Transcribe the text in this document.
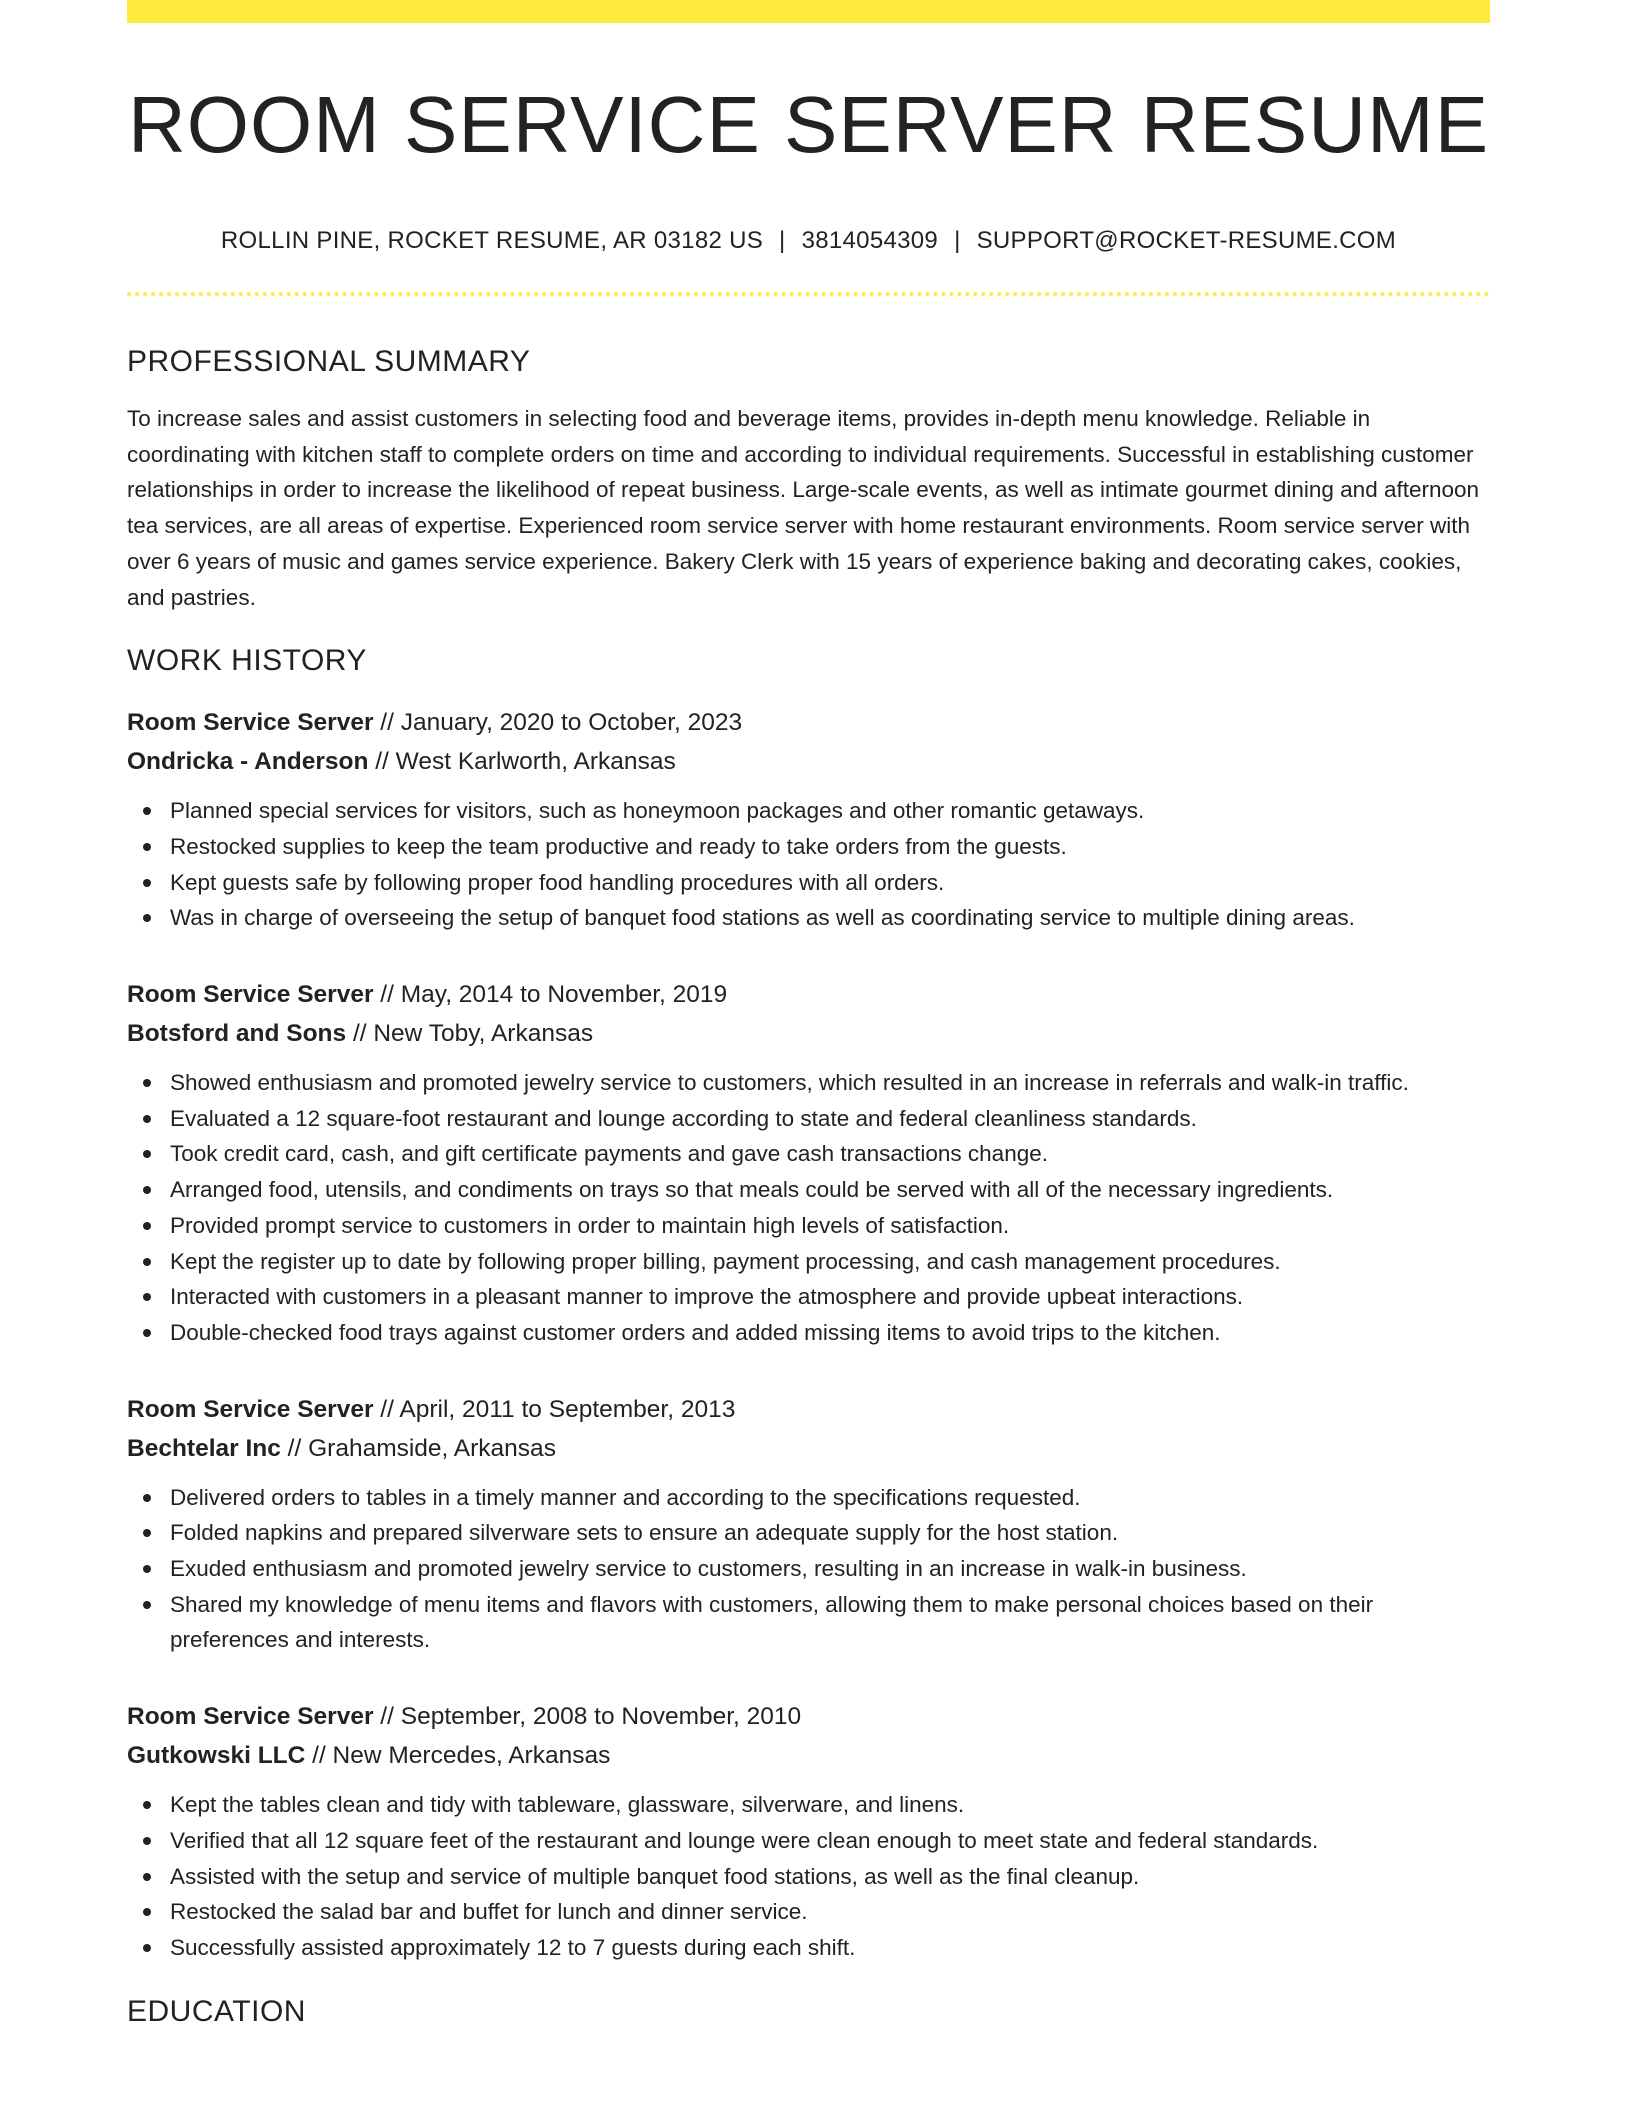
ROOM SERVICE SERVER RESUME
ROLLIN PINE, ROCKET RESUME, AR 03182 US | 3814054309 | SUPPORT@ROCKET-RESUME.COM
PROFESSIONAL SUMMARY

To increase sales and assist customers in selecting food and beverage items, provides in-depth menu knowledge. Reliable in coordinating with kitchen staff to complete orders on time and according to individual requirements. Successful in establishing customer relationships in order to increase the likelihood of repeat business. Large-scale events, as well as intimate gourmet dining and afternoon tea services, are all areas of expertise. Experienced room service server with home restaurant environments. Room service server with over 6 years of music and games service experience. Bakery Clerk with 15 years of experience baking and decorating cakes, cookies, and pastries.

WORK HISTORY
Room Service Server // January, 2020 to October, 2023
Ondricka - Anderson // West Karlworth, Arkansas
Planned special services for visitors, such as honeymoon packages and other romantic getaways.
Restocked supplies to keep the team productive and ready to take orders from the guests.
Kept guests safe by following proper food handling procedures with all orders.
Was in charge of overseeing the setup of banquet food stations as well as coordinating service to multiple dining areas.
Room Service Server // May, 2014 to November, 2019
Botsford and Sons // New Toby, Arkansas
Showed enthusiasm and promoted jewelry service to customers, which resulted in an increase in referrals and walk-in traffic.
Evaluated a 12 square-foot restaurant and lounge according to state and federal cleanliness standards.
Took credit card, cash, and gift certificate payments and gave cash transactions change.
Arranged food, utensils, and condiments on trays so that meals could be served with all of the necessary ingredients.
Provided prompt service to customers in order to maintain high levels of satisfaction.
Kept the register up to date by following proper billing, payment processing, and cash management procedures.
Interacted with customers in a pleasant manner to improve the atmosphere and provide upbeat interactions.
Double-checked food trays against customer orders and added missing items to avoid trips to the kitchen.
Room Service Server // April, 2011 to September, 2013
Bechtelar Inc // Grahamside, Arkansas
Delivered orders to tables in a timely manner and according to the specifications requested.
Folded napkins and prepared silverware sets to ensure an adequate supply for the host station.
Exuded enthusiasm and promoted jewelry service to customers, resulting in an increase in walk-in business.
Shared my knowledge of menu items and flavors with customers, allowing them to make personal choices based on their preferences and interests.
Room Service Server // September, 2008 to November, 2010
Gutkowski LLC // New Mercedes, Arkansas
Kept the tables clean and tidy with tableware, glassware, silverware, and linens.
Verified that all 12 square feet of the restaurant and lounge were clean enough to meet state and federal standards.
Assisted with the setup and service of multiple banquet food stations, as well as the final cleanup.
Restocked the salad bar and buffet for lunch and dinner service.
Successfully assisted approximately 12 to 7 guests during each shift.
EDUCATION
